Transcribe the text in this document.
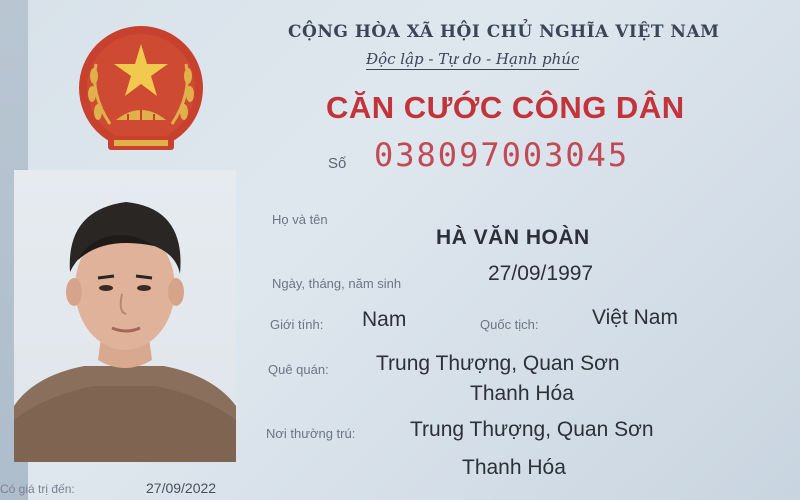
CỘNG HÒA XÃ HỘI CHỦ NGHĨA VIỆT NAM
Độc lập - Tự do - Hạnh phúc
CĂN CƯỚC CÔNG DÂN
Số 038097003045
Họ và tên
HÀ VĂN HOÀN
Ngày, tháng, năm sinh	27/09/1997
Giới tính: Nam	Quốc tịch:	Việt Nam
Quê quán: Trung Thượng, Quan Sơn
Thanh Hóa
Nơi thường trú:	Trung Thượng, Quan Sơn
Thanh Hóa
Có giá trị đến:	27/09/2022
